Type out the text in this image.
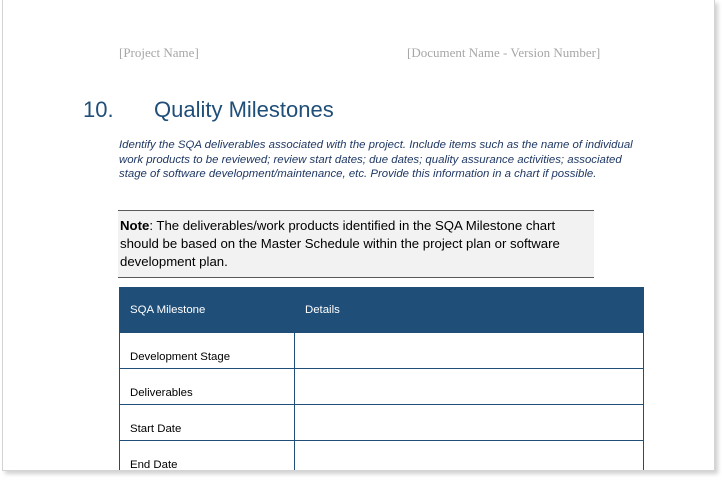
[Project Name]	[Document Name - Version Number]
10. Quality Milestones
Identify the SQA deliverables associated with the project. Include items such as the name of individual work products to be reviewed; review start dates; due dates; quality assurance activities; associated stage of software development/maintenance, etc. Provide this information in a chart if possible.
Note: The deliverables/work products identified in the SQA Milestone chart should be based on the Master Schedule within the project plan or software development plan.
SQA Milestone	Details
Development Stage	
Deliverables	
Start Date	
End Date	
